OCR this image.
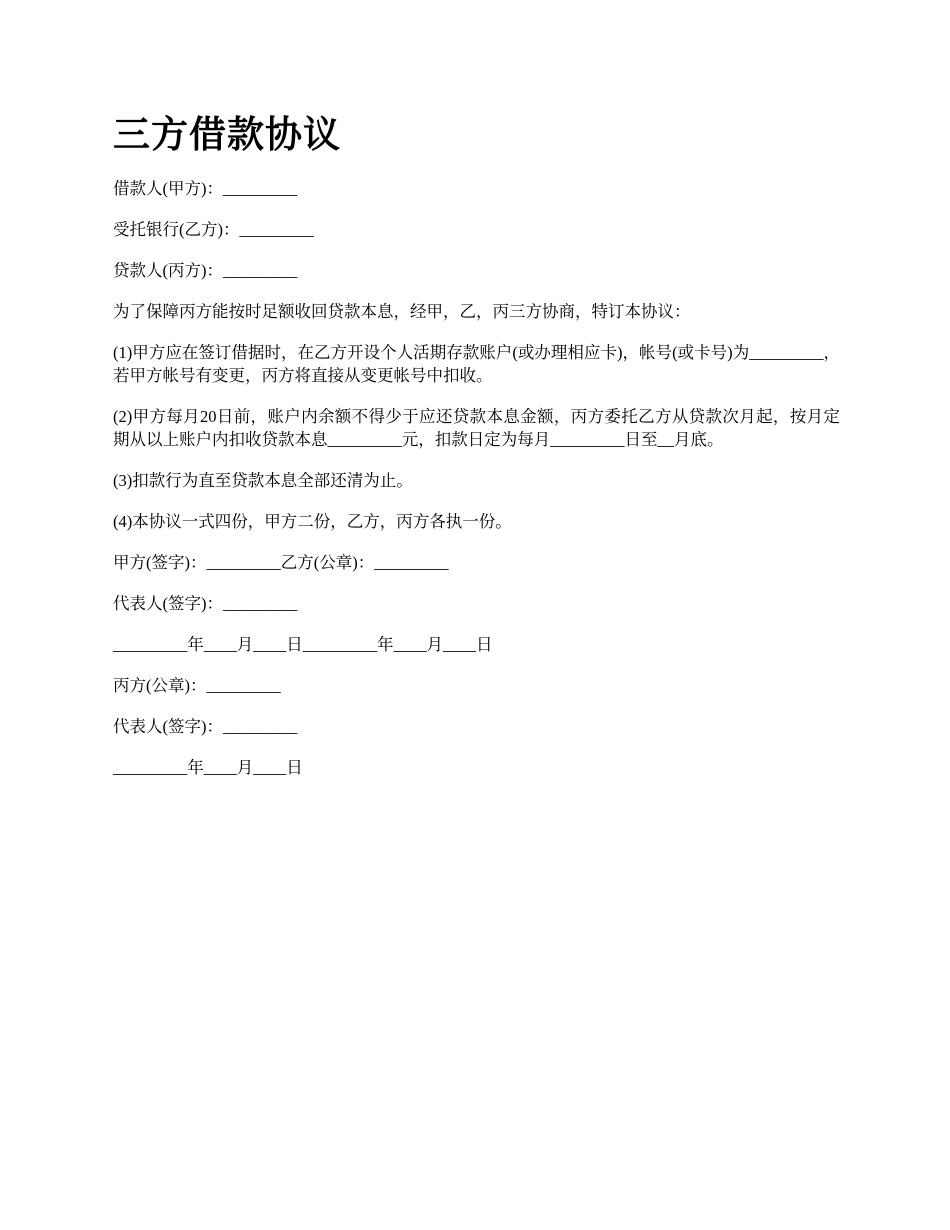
三方借款协议

借款人(甲方)：_________

受托银行(乙方)：_________

贷款人(丙方)：_________

为了保障丙方能按时足额收回贷款本息，经甲，乙，丙三方协商，特订本协议：

(1)甲方应在签订借据时，在乙方开设个人活期存款账户(或办理相应卡)，帐号(或卡号)为_________，若甲方帐号有变更，丙方将直接从变更帐号中扣收。

(2)甲方每月20日前，账户内余额不得少于应还贷款本息金额，丙方委托乙方从贷款次月起，按月定期从以上账户内扣收贷款本息_________元，扣款日定为每月_________日至__月底。

(3)扣款行为直至贷款本息全部还清为止。

(4)本协议一式四份，甲方二份，乙方，丙方各执一份。

甲方(签字)：_________乙方(公章)：_________

代表人(签字)：_________

_________年____月____日_________年____月____日

丙方(公章)：_________

代表人(签字)：_________

_________年____月____日
